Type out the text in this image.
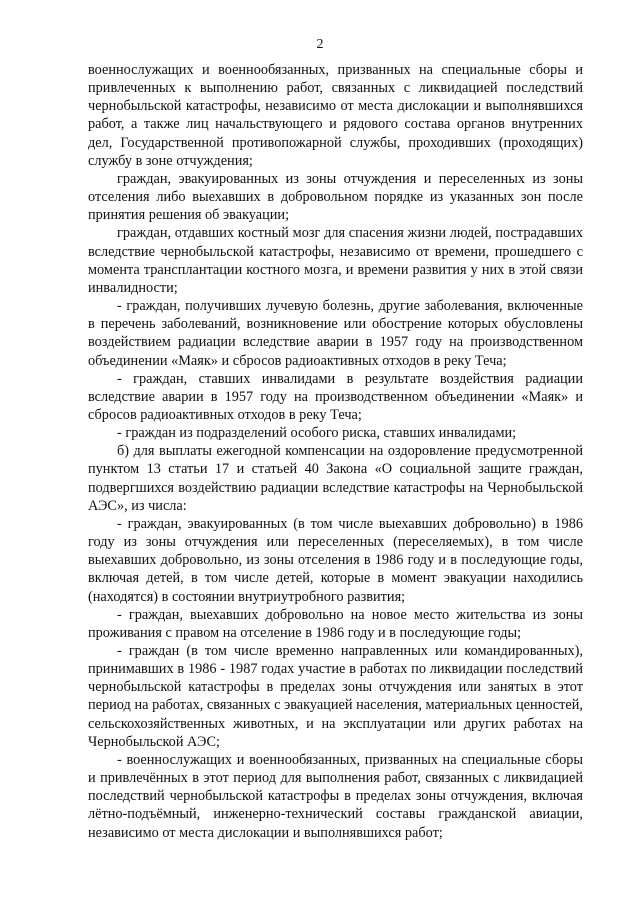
2

военнослужащих и военнообязанных, призванных на специальные сборы и привлеченных к выполнению работ, связанных с ликвидацией последствий чернобыльской катастрофы, независимо от места дислокации и выполнявшихся работ, а также лиц начальствующего и рядового состава органов внутренних дел, Государственной противопожарной службы, проходивших (проходящих) службу в зоне отчуждения;

граждан, эвакуированных из зоны отчуждения и переселенных из зоны отселения либо выехавших в добровольном порядке из указанных зон после принятия решения об эвакуации;

граждан, отдавших костный мозг для спасения жизни людей, пострадавших вследствие чернобыльской катастрофы, независимо от времени, прошедшего с момента трансплантации костного мозга, и времени развития у них в этой связи инвалидности;

- граждан, получивших лучевую болезнь, другие заболевания, включенные в перечень заболеваний, возникновение или обострение которых обусловлены воздействием радиации вследствие аварии в 1957 году на производственном объединении «Маяк» и сбросов радиоактивных отходов в реку Теча;

- граждан, ставших инвалидами в результате воздействия радиации вследствие аварии в 1957 году на производственном объединении «Маяк» и сбросов радиоактивных отходов в реку Теча;

- граждан из подразделений особого риска, ставших инвалидами;

б) для выплаты ежегодной компенсации на оздоровление предусмотренной пунктом 13 статьи 17 и статьей 40 Закона «О социальной защите граждан, подвергшихся воздействию радиации вследствие катастрофы на Чернобыльской АЭС», из числа:

- граждан, эвакуированных (в том числе выехавших добровольно) в 1986 году из зоны отчуждения или переселенных (переселяемых), в том числе выехавших добровольно, из зоны отселения в 1986 году и в последующие годы, включая детей, в том числе детей, которые в момент эвакуации находились (находятся) в состоянии внутриутробного развития;

- граждан, выехавших добровольно на новое место жительства из зоны проживания с правом на отселение в 1986 году и в последующие годы;

- граждан (в том числе временно направленных или командированных), принимавших в 1986 - 1987 годах участие в работах по ликвидации последствий чернобыльской катастрофы в пределах зоны отчуждения или занятых в этот период на работах, связанных с эвакуацией населения, материальных ценностей, сельскохозяйственных животных, и на эксплуатации или других работах на Чернобыльской АЭС;

- военнослужащих и военнообязанных, призванных на специальные сборы и привлечённых в этот период для выполнения работ, связанных с ликвидацией последствий чернобыльской катастрофы в пределах зоны отчуждения, включая лётно-подъёмный, инженерно-технический составы гражданской авиации, независимо от места дислокации и выполнявшихся работ;
